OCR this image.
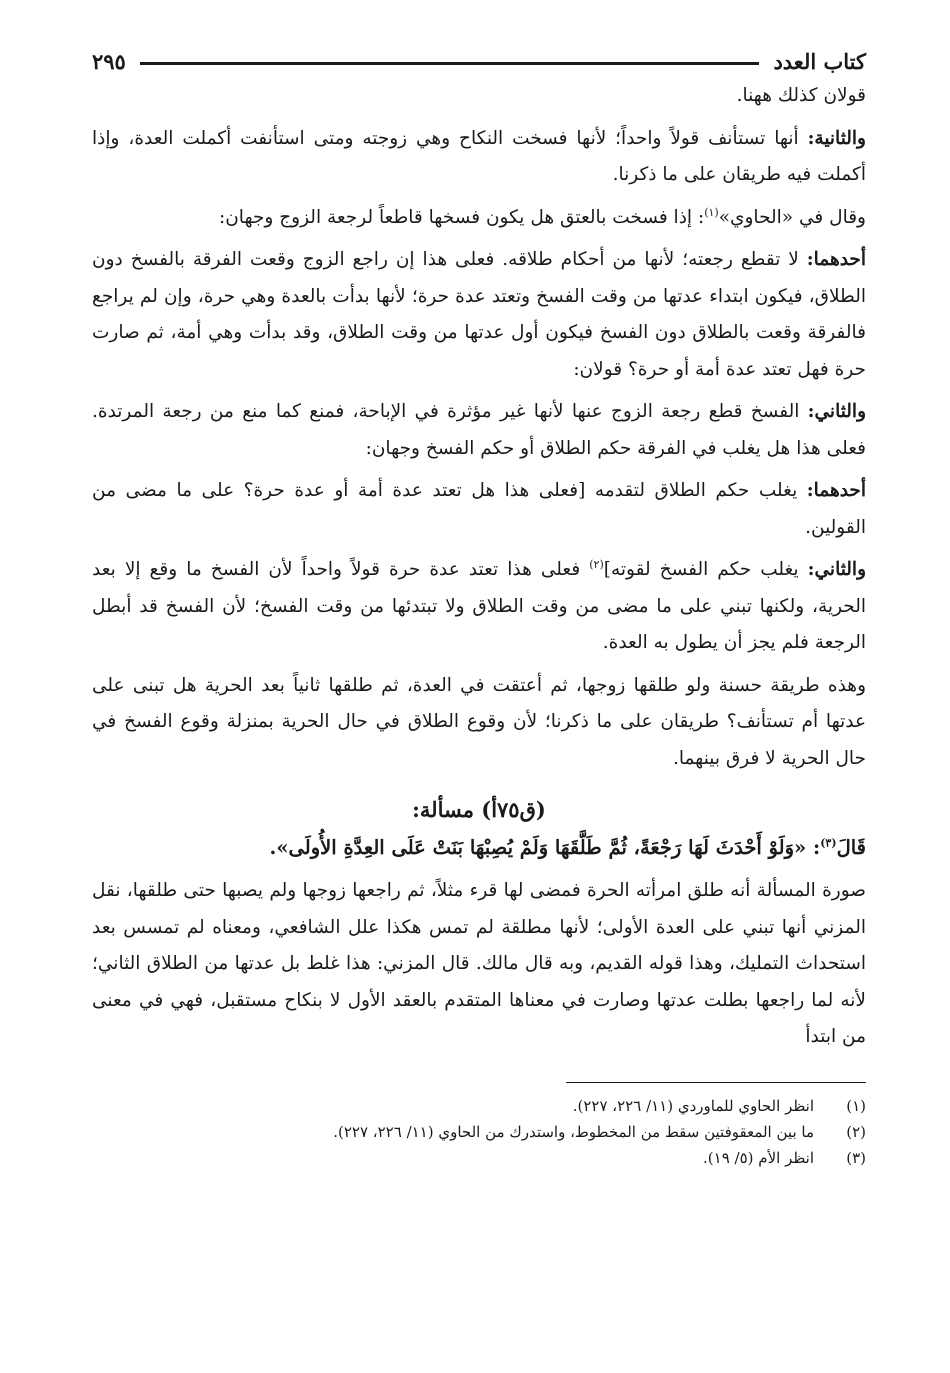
كتاب العدد
٢٩٥

قولان كذلك ههنا.

والثانية: أنها تستأنف قولاً واحداً؛ لأنها فسخت النكاح وهي زوجته ومتى استأنفت أكملت العدة، وإذا أكملت فيه طريقان على ما ذكرنا.

وقال في «الحاوي»$^{(١)}$: إذا فسخت بالعتق هل يكون فسخها قاطعاً لرجعة الزوج وجهان:

أحدهما: لا تقطع رجعته؛ لأنها من أحكام طلاقه. فعلى هذا إن راجع الزوج وقعت الفرقة بالفسخ دون الطلاق، فيكون ابتداء عدتها من وقت الفسخ وتعتد عدة حرة؛ لأنها بدأت بالعدة وهي حرة، وإن لم يراجع فالفرقة وقعت بالطلاق دون الفسخ فيكون أول عدتها من وقت الطلاق، وقد بدأت وهي أمة، ثم صارت حرة فهل تعتد عدة أمة أو حرة؟ قولان:

والثاني: الفسخ قطع رجعة الزوج عنها لأنها غير مؤثرة في الإباحة، فمنع كما منع من رجعة المرتدة. فعلى هذا هل يغلب في الفرقة حكم الطلاق أو حكم الفسخ وجهان:

أحدهما: يغلب حكم الطلاق لتقدمه [فعلى هذا هل تعتد عدة أمة أو عدة حرة؟ على ما مضى من القولين.

والثاني: يغلب حكم الفسخ لقوته]$^{(٢)}$ فعلى هذا تعتد عدة حرة قولاً واحداً لأن الفسخ ما وقع إلا بعد الحرية، ولكنها تبني على ما مضى من وقت الطلاق ولا تبتدئها من وقت الفسخ؛ لأن الفسخ قد أبطل الرجعة فلم يجز أن يطول به العدة.

وهذه طريقة حسنة ولو طلقها زوجها، ثم أعتقت في العدة، ثم طلقها ثانياً بعد الحرية هل تبنى على عدتها أم تستأنف؟ طريقان على ما ذكرنا؛ لأن وقوع الطلاق في حال الحرية بمنزلة وقوع الفسخ في حال الحرية لا فرق بينهما.

(ق٧٥أ) مسألة:

قَالَ$^{(٣)}$: «وَلَوْ أَحْدَثَ لَهَا رَجْعَةً، ثُمَّ طَلَّقَهَا وَلَمْ يُصِبْهَا بَنَتْ عَلَى العِدَّةِ الأُولَى».

صورة المسألة أنه طلق امرأته الحرة فمضى لها قرء مثلاً، ثم راجعها زوجها ولم يصبها حتى طلقها، نقل المزني أنها تبني على العدة الأولى؛ لأنها مطلقة لم تمس هكذا علل الشافعي، ومعناه لم تمسس بعد استحداث التمليك، وهذا قوله القديم، وبه قال مالك. قال المزني: هذا غلط بل عدتها من الطلاق الثاني؛ لأنه لما راجعها بطلت عدتها وصارت في معناها المتقدم بالعقد الأول لا بنكاح مستقبل، فهي في معنى من ابتدأ

(١)
انظر الحاوي للماوردي (١١/ ٢٢٦، ٢٢٧).
(٢)
ما بين المعقوفتين سقط من المخطوط، واستدرك من الحاوي (١١/ ٢٢٦، ٢٢٧).
(٣)
انظر الأم (٥/ ١٩).
